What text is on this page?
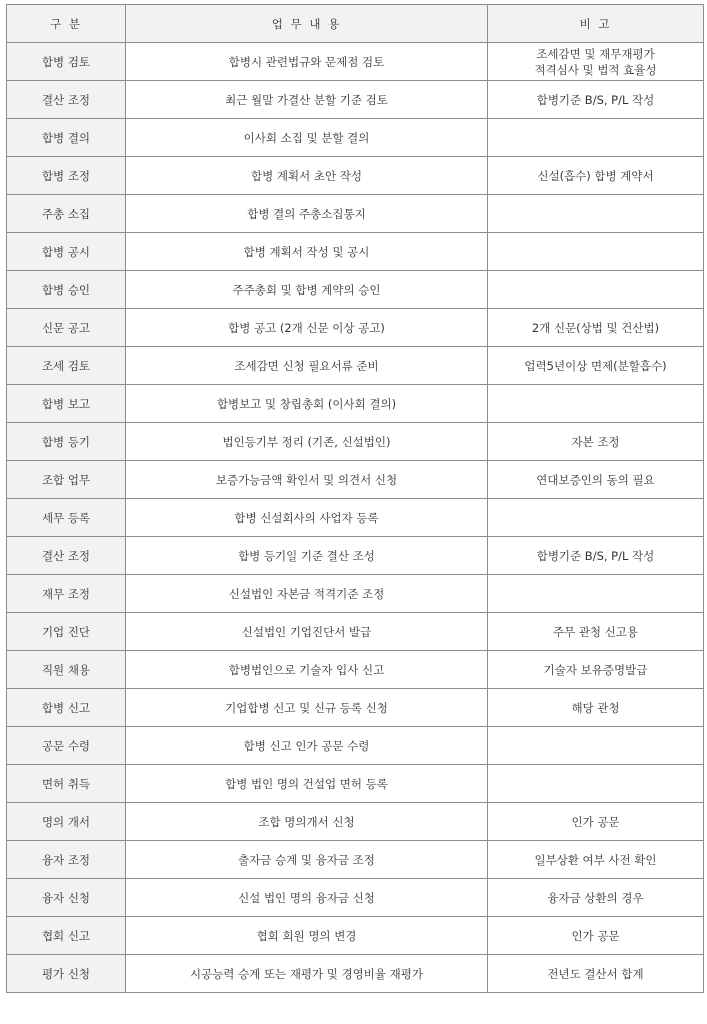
구 분	업 무 내 용	비 고
합병 검토	합병시 관련법규와 문제점 검토	조세감면 및 재무재평가
적격심사 및 법적 효율성

결산 조정	최근 월말 가결산 분할 기준 검토	합병기준 B/S, P/L 작성

합병 결의	이사회 소집 및 분할 결의	
합병 조정	합병 계획서 초안 작성	신설(흡수) 합병 계약서

주총 소집	합병 결의 주총소집통지	
합병 공시	합병 계획서 작성 및 공시	
합병 승인	주주총회 및 합병 계약의 승인	
신문 공고	합병 공고 (2개 신문 이상 공고)	2개 신문(상법 및 건산법)

조세 검토	조세감면 신청 필요서류 준비	업력5년이상 면제(분할흡수)

합병 보고	합병보고 및 창립총회 (이사회 결의)	
합병 등기	법인등기부 정리 (기존, 신설법인)	자본 조정

조합 업무	보증가능금액 확인서 및 의견서 신청	연대보증인의 동의 필요

세무 등록	합병 신설회사의 사업자 등록	
결산 조정	합병 등기일 기준 결산 조성	합병기준 B/S, P/L 작성

재무 조정	신설법인 자본금 적격기준 조정	
기업 진단	신설법인 기업진단서 발급	주무 관청 신고용

직원 채용	합병법인으로 기술자 입사 신고	기술자 보유증명발급

합병 신고	기업합병 신고 및 신규 등록 신청	해당 관청

공문 수령	합병 신고 인가 공문 수령	
면허 취득	합병 법인 명의 건설업 면허 등록	
명의 개서	조합 명의개서 신청	인가 공문

융자 조정	출자금 승계 및 융자금 조정	일부상환 여부 사전 확인

융자 신청	신설 법인 명의 융자금 신청	융자금 상환의 경우

협회 신고	협회 회원 명의 변경	인가 공문

평가 신청	시공능력 승계 또는 재평가 및 경영비율 재평가	전년도 결산서 합계
